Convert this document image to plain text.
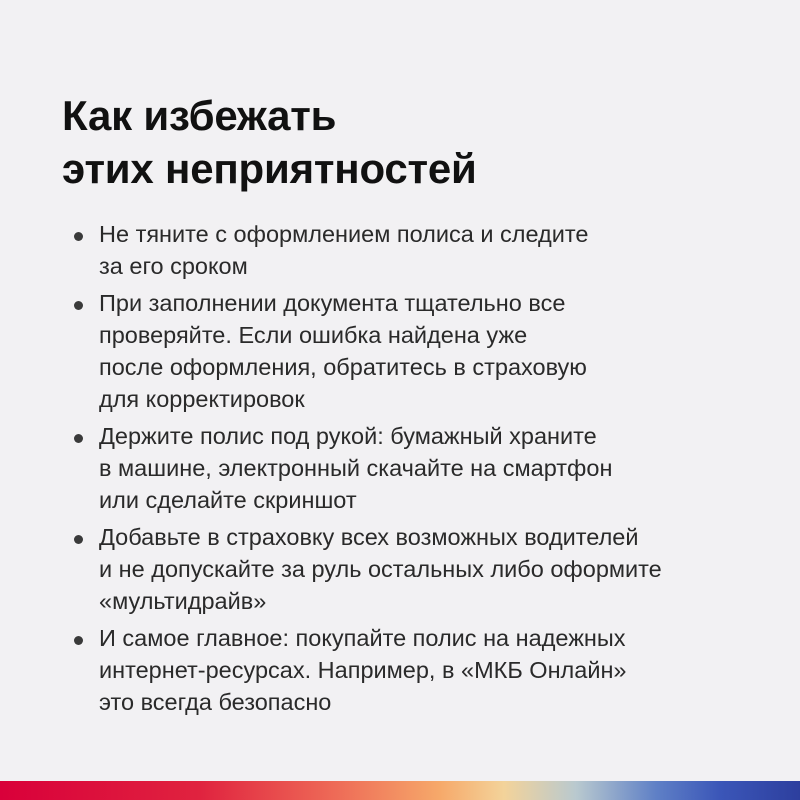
Как избежать
этих неприятностей
Не тяните с оформлением полиса и следите
за его сроком
При заполнении документа тщательно все
проверяйте. Если ошибка найдена уже
после оформления, обратитесь в страховую
для корректировок
Держите полис под рукой: бумажный храните
в машине, электронный скачайте на смартфон
или сделайте скриншот
Добавьте в страховку всех возможных водителей
и не допускайте за руль остальных либо оформите
«мультидрайв»
И самое главное: покупайте полис на надежных
интернет-ресурсах. Например, в «МКБ Онлайн»
это всегда безопасно
